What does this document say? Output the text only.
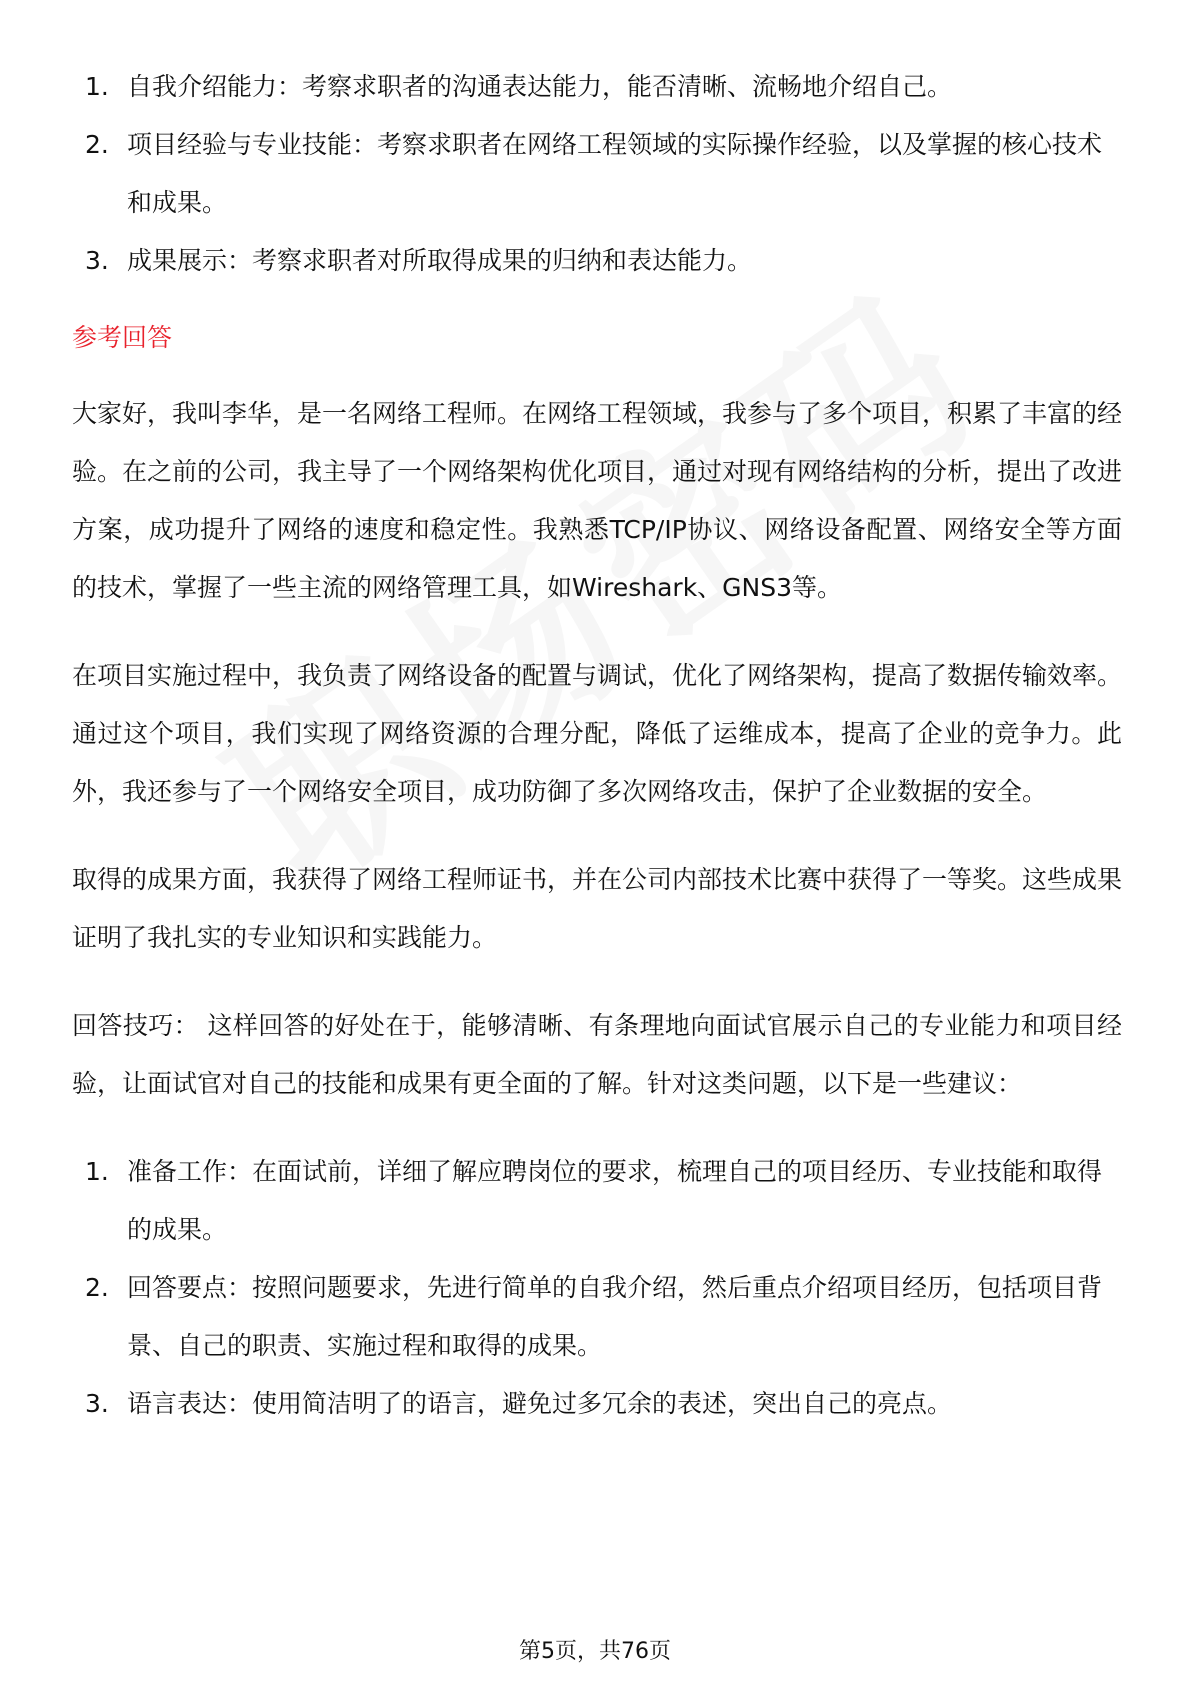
1. 自我介绍能力：考察求职者的沟通表达能力，能否清晰、流畅地介绍自己。
2. 项目经验与专业技能：考察求职者在网络工程领域的实际操作经验，以及掌握的核心技术和成果。
3. 成果展示：考察求职者对所取得成果的归纳和表达能力。
参考回答

大家好，我叫李华，是一名网络工程师。在网络工程领域，我参与了多个项目，积累了丰富的经验。在之前的公司，我主导了一个网络架构优化项目，通过对现有网络结构的分析，提出了改进方案，成功提升了网络的速度和稳定性。我熟悉TCP/IP协议、网络设备配置、网络安全等方面的技术，掌握了一些主流的网络管理工具，如Wireshark、GNS3等。

在项目实施过程中，我负责了网络设备的配置与调试，优化了网络架构，提高了数据传输效率。通过这个项目，我们实现了网络资源的合理分配，降低了运维成本，提高了企业的竞争力。此外，我还参与了一个网络安全项目，成功防御了多次网络攻击，保护了企业数据的安全。

取得的成果方面，我获得了网络工程师证书，并在公司内部技术比赛中获得了一等奖。这些成果证明了我扎实的专业知识和实践能力。

回答技巧： 这样回答的好处在于，能够清晰、有条理地向面试官展示自己的专业能力和项目经验，让面试官对自己的技能和成果有更全面的了解。针对这类问题，以下是一些建议：

1. 准备工作：在面试前，详细了解应聘岗位的要求，梳理自己的项目经历、专业技能和取得的成果。
2. 回答要点：按照问题要求，先进行简单的自我介绍，然后重点介绍项目经历，包括项目背景、自己的职责、实施过程和取得的成果。
3. 语言表达：使用简洁明了的语言，避免过多冗余的表述，突出自己的亮点。
第5页，共76页
